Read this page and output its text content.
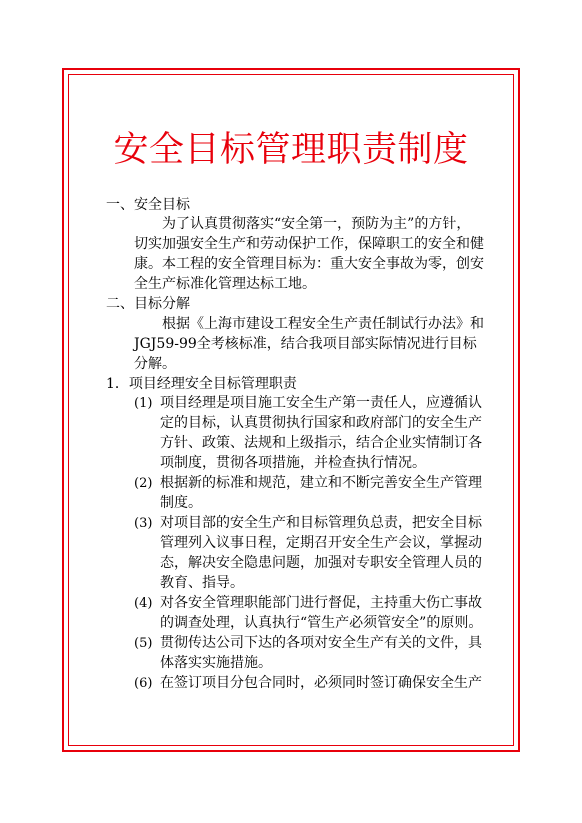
安全目标管理职责制度
一、安全目标
为了认真贯彻落实“安全第一，预防为主”的方针，
切实加强安全生产和劳动保护工作，保障职工的安全和健
康。本工程的安全管理目标为：重大安全事故为零，创安
全生产标准化管理达标工地。
二、目标分解
根据《上海市建设工程安全生产责任制试行办法》和
JGJ59-99全考核标准，结合我项目部实际情况进行目标
分解。
1．项目经理安全目标管理职责
(1) 项目经理是项目施工安全生产第一责任人，应遵循认
定的目标，认真贯彻执行国家和政府部门的安全生产
方针、政策、法规和上级指示，结合企业实情制订各
项制度，贯彻各项措施，并检查执行情况。
(2) 根据新的标准和规范，建立和不断完善安全生产管理
制度。
(3) 对项目部的安全生产和目标管理负总责，把安全目标
管理列入议事日程，定期召开安全生产会议，掌握动
态，解决安全隐患问题，加强对专职安全管理人员的
教育、指导。
(4) 对各安全管理职能部门进行督促，主持重大伤亡事故
的调查处理，认真执行“管生产必须管安全”的原则。
(5) 贯彻传达公司下达的各项对安全生产有关的文件，具
体落实实施措施。
(6) 在签订项目分包合同时，必须同时签订确保安全生产
